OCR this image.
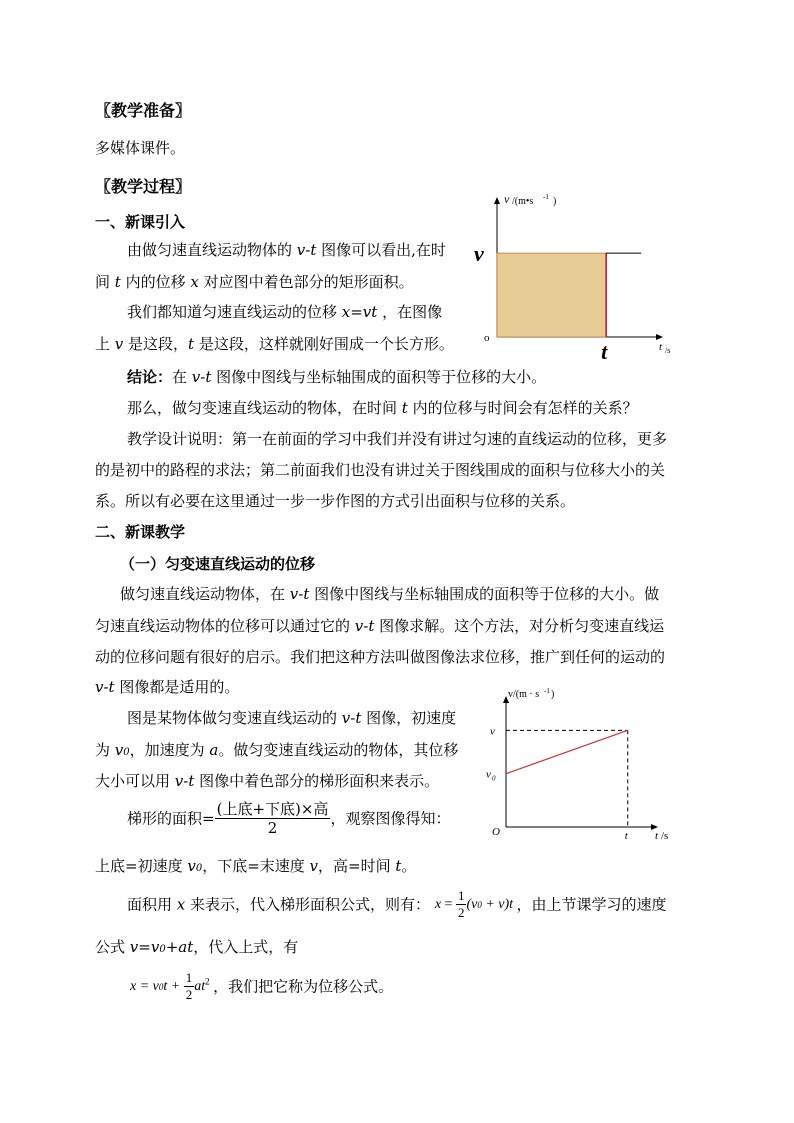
〖教学准备〗
多媒体课件。
〖教学过程〗
一、新课引入
由做匀速直线运动物体的 v-t 图像可以看出,在时
间 t 内的位移 x 对应图中着色部分的矩形面积。
我们都知道匀速直线运动的位移 x=vt ，在图像
上 v 是这段，t 是这段，这样就刚好围成一个长方形。
v /(m•s -1 )
o
v
t	t /s
结论：在 v-t 图像中图线与坐标轴围成的面积等于位移的大小。
那么，做匀变速直线运动的物体，在时间 t 内的位移与时间会有怎样的关系？
教学设计说明：第一在前面的学习中我们并没有讲过匀速的直线运动的位移，更多
的是初中的路程的求法；第二前面我们也没有讲过关于图线围成的面积与位移大小的关
系。所以有必要在这里通过一步一步作图的方式引出面积与位移的关系。
二、新课教学
（一）匀变速直线运动的位移
做匀速直线运动物体，在 v-t 图像中图线与坐标轴围成的面积等于位移的大小。做
匀速直线运动物体的位移可以通过它的 v-t 图像求解。这个方法，对分析匀变速直线运
动的位移问题有很好的启示。我们把这种方法叫做图像法求位移，推广到任何的运动的
v-t 图像都是适用的。
图是某物体做匀变速直线运动的 v-t 图像，初速度
为 v0，加速度为 a。做匀变速直线运动的物体，其位移
大小可以用 v-t 图像中着色部分的梯形面积来表示。
v/(m · s -1 )
O
v
v 0
t t /s
梯形的面积= $\frac{\text{(上底+下底)×高}}{2}$ ，观察图像得知：
上底=初速度 v0，下底=末速度 v，高=时间 t。
面积用 x 来表示，代入梯形面积公式，则有： $x = \frac{1}{2} (v0 + v)t$ ，由上节课学习的速度
公式 v=v0+at，代入上式，有
$x = v0t + \frac{1}{2} at^2$ ，我们把它称为位移公式。
